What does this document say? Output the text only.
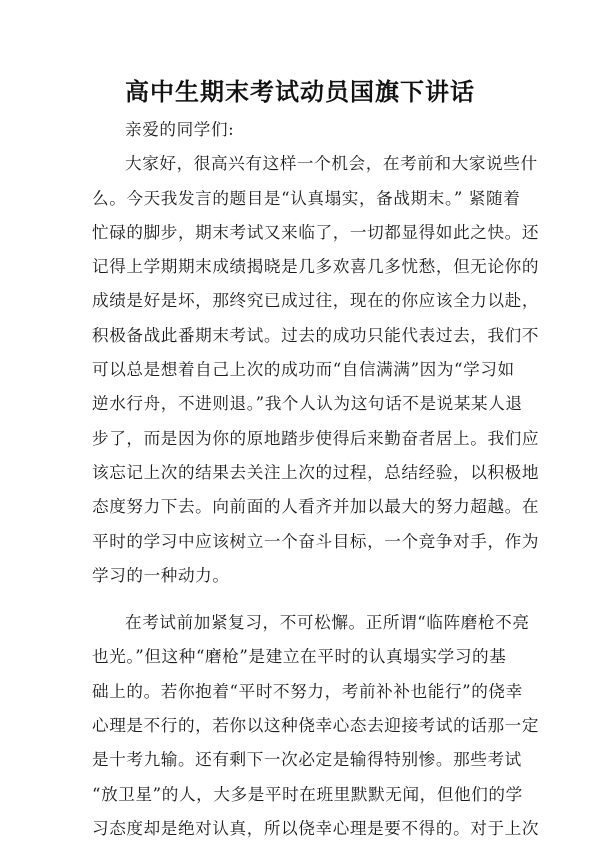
高中生期末考试动员国旗下讲话
亲爱的同学们:
大家好，很高兴有这样一个机会，在考前和大家说些什
么。今天我发言的题目是“认真塌实，备战期末。” 紧随着
忙碌的脚步，期末考试又来临了，一切都显得如此之快。还
记得上学期期末成绩揭晓是几多欢喜几多忧愁，但无论你的
成绩是好是坏，那终究已成过往，现在的你应该全力以赴，
积极备战此番期末考试。过去的成功只能代表过去，我们不
可以总是想着自己上次的成功而“自信满满”因为“学习如
逆水行舟，不进则退。”我个人认为这句话不是说某某人退
步了，而是因为你的原地踏步使得后来勤奋者居上。我们应
该忘记上次的结果去关注上次的过程，总结经验，以积极地
态度努力下去。向前面的人看齐并加以最大的努力超越。在
平时的学习中应该树立一个奋斗目标，一个竞争对手，作为
学习的一种动力。
在考试前加紧复习，不可松懈。正所谓“临阵磨枪不亮
也光。”但这种“磨枪”是建立在平时的认真塌实学习的基
础上的。若你抱着“平时不努力，考前补补也能行”的侥幸
心理是不行的，若你以这种侥幸心态去迎接考试的话那一定
是十考九输。还有剩下一次必定是输得特别惨。那些考试
“放卫星”的人，大多是平时在班里默默无闻，但他们的学
习态度却是绝对认真，所以侥幸心理是要不得的。对于上次
